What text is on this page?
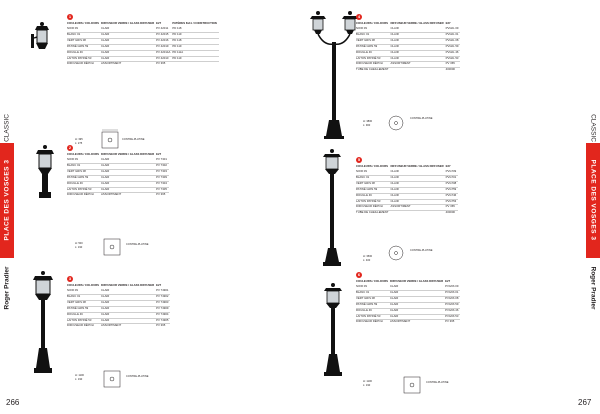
PLACE DES VOSGES 3
CLASSIC
Roger Pradier
1
COULEURS / COLOURS	DIFFUSEUR VERRE / GLASS DIFFUSER	E27	PATÈRES 8x11 / CONSTRUCTION
NOIR 09	CLAIR	PV 42011	PD 118
BLANC 01	CLAIR	PV 42015	PD 119
VERT GRIS 08	CLAIR	PV 42016	PD 118
PATINÉ GRIS 59	CLAIR	PV 42019	PD 119
ROUILLE 46	CLAIR	PV 42014A	PD 111A
LAITON PATINÉ 53	CLAIR	PV 42010	PD 119
DIFFUSEUR DÉPOLI	ASSORTIMENT	PV 365	
CONTRE-PLATINE
H: 395
L: 275
2
COULEURS / COLOURS	DIFFUSEUR VERRE / GLASS DIFFUSER	E27
NOIR 09	CLAIR	PV 7301
BLANC 01	CLAIR	PV 7302
VERT GRIS 08	CLAIR	PV 7303
PATINÉ GRIS 59	CLAIR	PV 7309
ROUILLE 46	CLAIR	PV 7304
LAITON PATINÉ 53	CLAIR	PV 7305
DIFFUSEUR DÉPOLI	ASSORTIMENT	PV 365
CONTRE-PLATINE
H: 500
L: 190
3
COULEURS / COLOURS	DIFFUSEUR VERRE / GLASS DIFFUSER	E27
NOIR 09	CLAIR	PV 74901
BLANC 01	CLAIR	PV 74902
VERT GRIS 08	CLAIR	PV 74903
PATINÉ GRIS 59	CLAIR	PV 74909
ROUILLE 46	CLAIR	PV 74904
LAITON PATINÉ 53	CLAIR	PV 74905
DIFFUSEUR DÉPOLI	ASSORTIMENT	PV 365
CONTRE-PLATINE
H: 1100
L: 190
266
4
COULEURS / COLOURS	DIFFUSEUR VERRE / GLASS DIFFUSER	E27
NOIR 09	CLAIR	PVG0L 09
BLANC 01	CLAIR	PVG0L 01
VERT GRIS 08	CLAIR	PVG0L 08
PATINÉ GRIS 59	CLAIR	PVG0L 59
ROUILLE 46	CLAIR	PVG0L 46
LAITON PATINÉ 53	CLAIR	PVG0L 53
DIFFUSEUR DÉPOLI	ASSORTIMENT	PV 365
TUBE DE CHEILLEMENT		400000
CONTRE-PLATINE
H: 3800
L: 900
5
COULEURS / COLOURS	DIFFUSEUR VERRE / GLASS DIFFUSER	E27
NOIR 09	CLAIR	PVG709
BLANC 01	CLAIR	PVG701
VERT GRIS 08	CLAIR	PVG708
PATINÉ GRIS 59	CLAIR	PVG759
ROUILLE 46	CLAIR	PVG746
LAITON PATINÉ 53	CLAIR	PVG753
DIFFUSEUR DÉPOLI	ASSORTIMENT	PV 365
TUBE DE CHEILLEMENT		400000
CONTRE-PLATINE
H: 3500
L: 400
6
COULEURS / COLOURS	DIFFUSEUR VERRE / GLASS DIFFUSER	E27
NOIR 09	CLAIR	PVG6S 09
BLANC 01	CLAIR	PVG6S 01
VERT GRIS 08	CLAIR	PVG6S 08
PATINÉ GRIS 59	CLAIR	PVG6S 59
ROUILLE 46	CLAIR	PVG6S 46
LAITON PATINÉ 53	CLAIR	PVG6S 53
DIFFUSEUR DÉPOLI	ASSORTIMENT	PV 365
CONTRE-PLATINE
H: 1100
L: 190
PLACE DES VOSGES 3
CLASSIC
Roger Pradier
267
